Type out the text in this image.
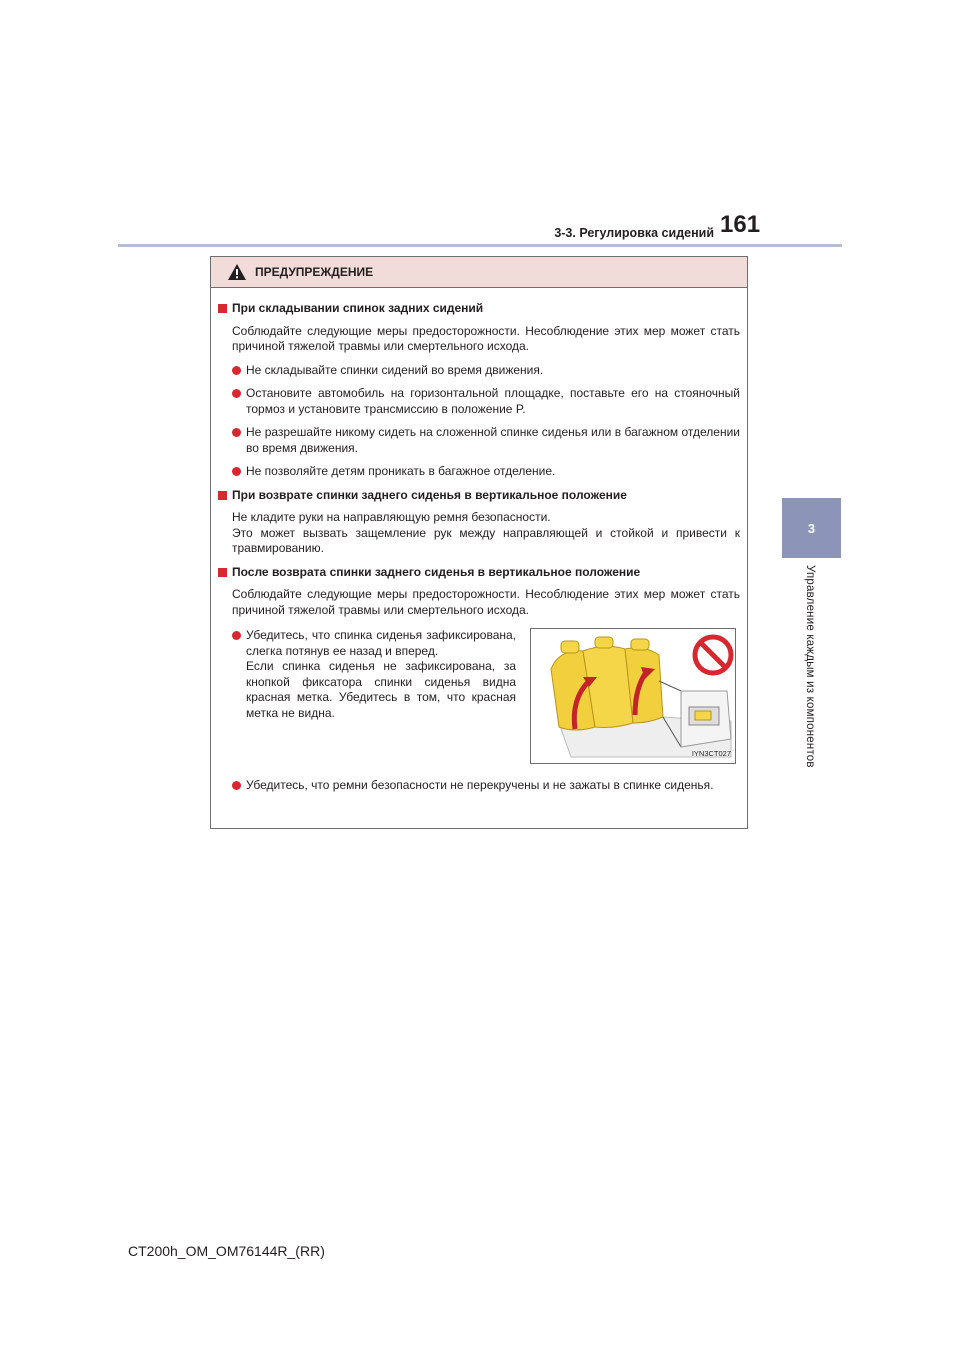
3-3. Регулировка сидений 161
3
Управление каждым из компонентов
ПРЕДУПРЕЖДЕНИЕ
При складывании спинок задних сидений
Соблюдайте следующие меры предосторожности. Несоблюдение этих мер может стать причиной тяжелой травмы или смертельного исхода.
Не складывайте спинки сидений во время движения.
Остановите автомобиль на горизонтальной площадке, поставьте его на стояночный тормоз и установите трансмиссию в положение P.
Не разрешайте никому сидеть на сложенной спинке сиденья или в багажном отделении во время движения.
Не позволяйте детям проникать в багажное отделение.
При возврате спинки заднего сиденья в вертикальное положение
Не кладите руки на направляющую ремня безопасности.
Это может вызвать защемление рук между направляющей и стойкой и привести к травмированию.
После возврата спинки заднего сиденья в вертикальное положение
Соблюдайте следующие меры предосторожности. Несоблюдение этих мер может стать причиной тяжелой травмы или смертельного исхода.
Убедитесь, что спинка сиденья зафиксирована, слегка потянув ее назад и вперед.
Если спинка сиденья не зафиксирована, за кнопкой фиксатора спинки сиденья видна красная метка. Убедитесь в том, что красная метка не видна.
IYN3CT027
Убедитесь, что ремни безопасности не перекручены и не зажаты в спинке сиденья.
CT200h_OM_OM76144R_(RR)
